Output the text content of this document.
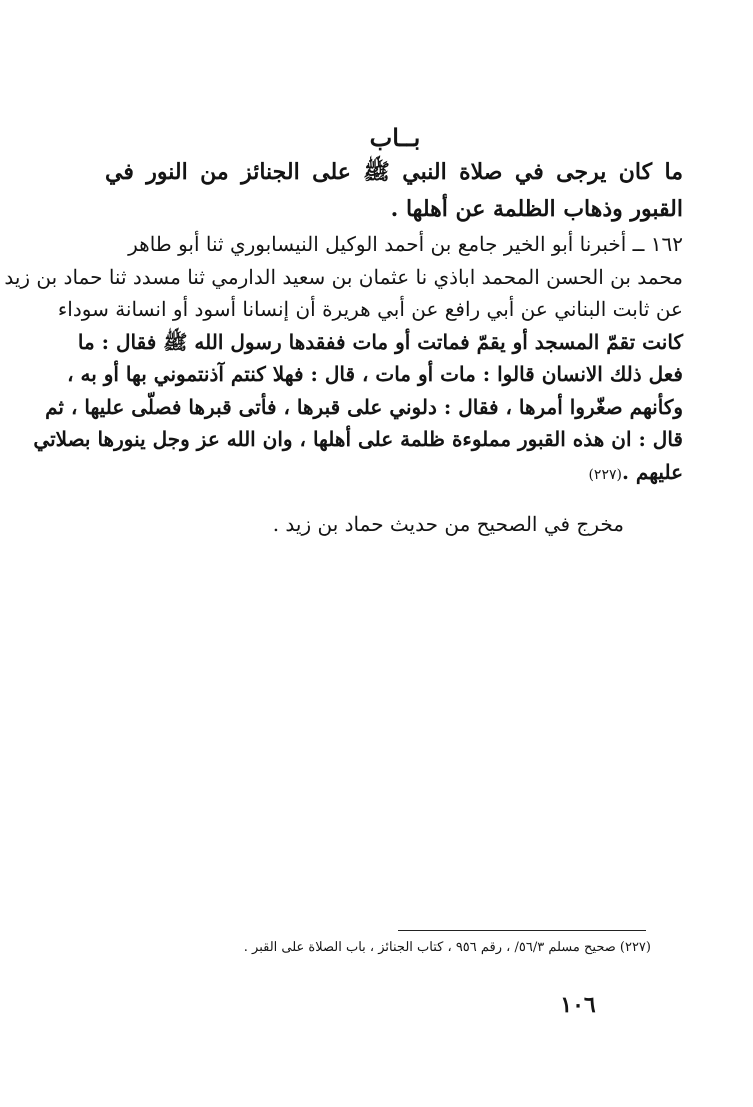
بــاب
ما كان يرجى في صلاة النبي ﷺ على الجنائز من النور في القبور وذهاب الظلمة عن أهلها .
١٦٢ ــ أخبرنا أبو الخير جامع بن أحمد الوكيل النيسابوري ثنا أبو طاهر
محمد بن الحسن المحمد اباذي نا عثمان بن سعيد الدارمي ثنا مسدد ثنا حماد بن زيد
عن ثابت البناني عن أبي رافع عن أبي هريرة أن إنسانا أسود أو انسانة سوداء
كانت تقمّ المسجد أو يقمّ فماتت أو مات ففقدها رسول الله ﷺ فقال : ما
فعل ذلك الانسان قالوا : مات أو مات ، قال : فهلا كنتم آذنتموني بها أو به ،
وكأنهم صغّروا أمرها ، فقال : دلوني على قبرها ، فأتى قبرها فصلّى عليها ، ثم
قال : ان هذه القبور مملوءة ظلمة على أهلها ، وان الله عز وجل ينورها بصلاتي
عليهم .(٢٢٧)
مخرج في الصحيح من حديث حماد بن زيد .
(٢٢٧) صحيح مسلم ٥٦/٣/ ، رقم ٩٥٦ ، كتاب الجنائز ، باب الصلاة على القبر .
١٠٦
